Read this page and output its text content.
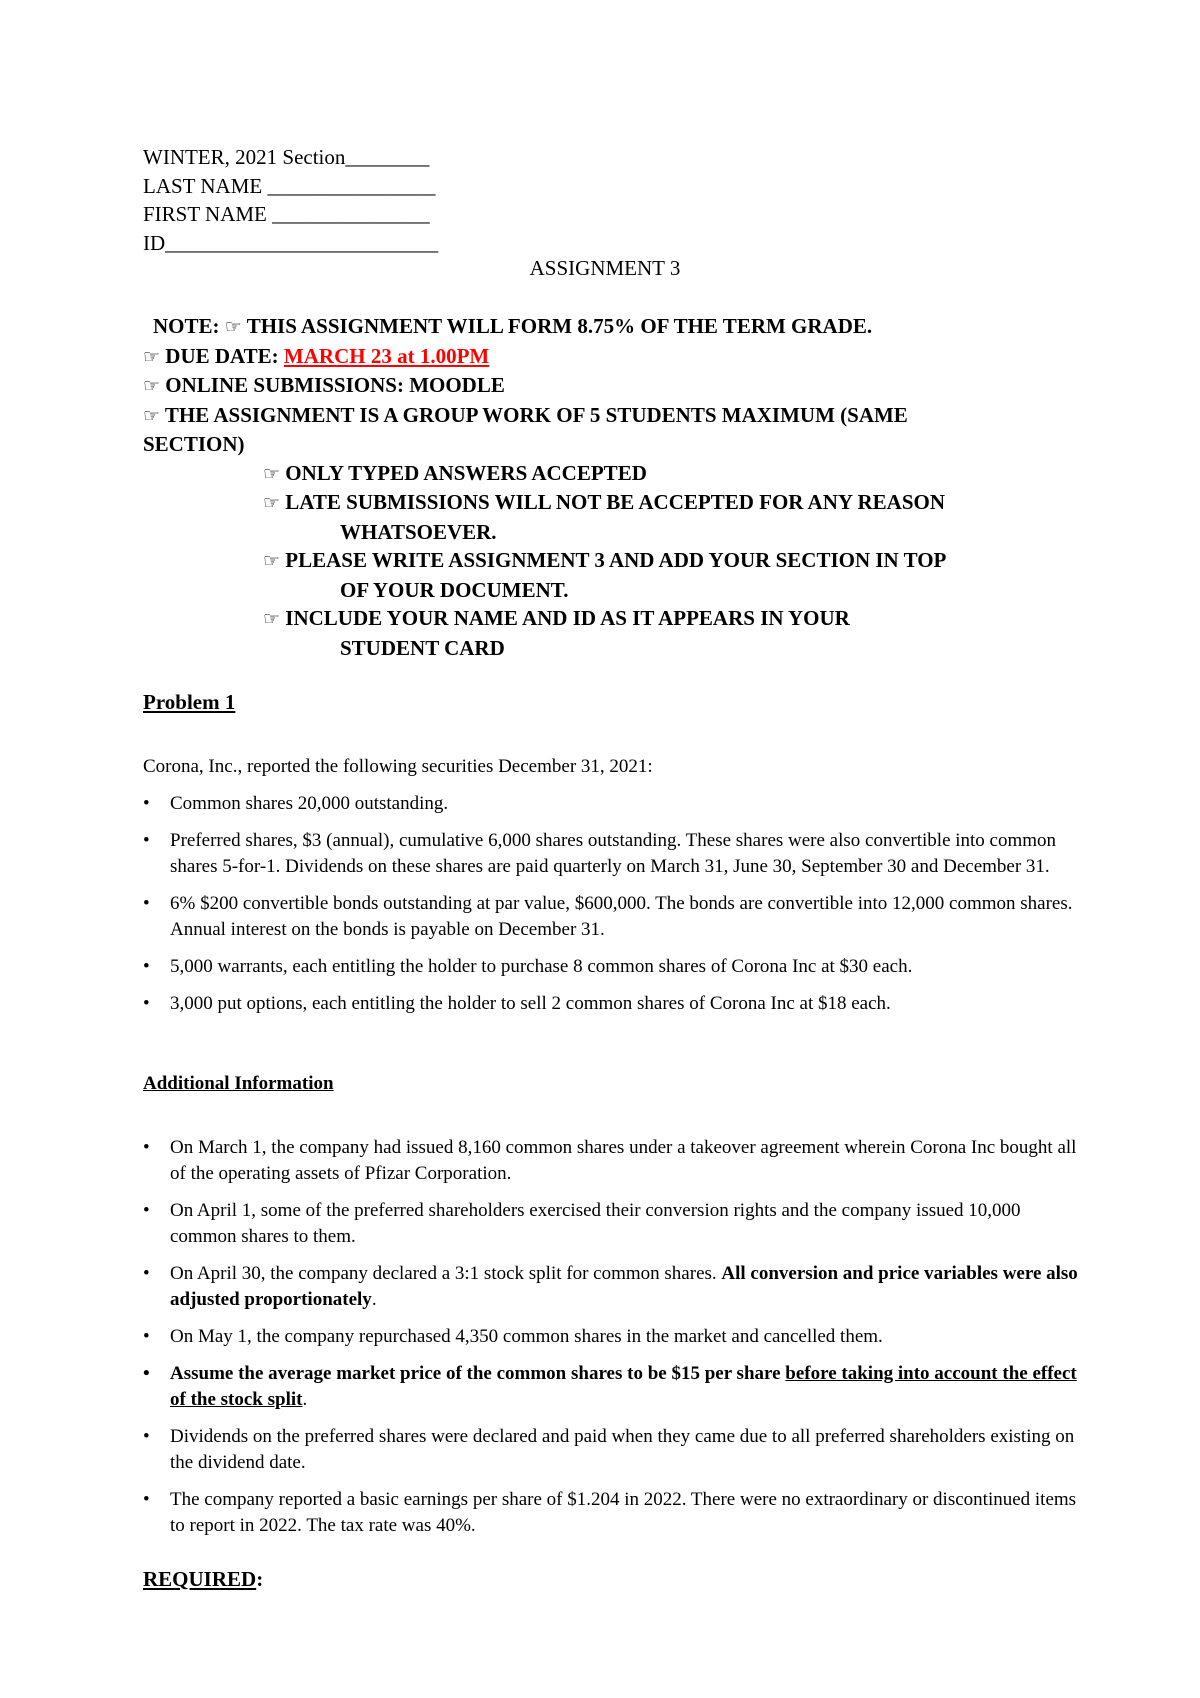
WINTER, 2021 Section________
LAST NAME ________________
FIRST NAME _______________
ID__________________________
ASSIGNMENT 3

NOTE: ☞ THIS ASSIGNMENT WILL FORM 8.75% OF THE TERM GRADE.

☞ DUE DATE: MARCH 23 at 1.00PM

☞ ONLINE SUBMISSIONS: MOODLE

☞ THE ASSIGNMENT IS A GROUP WORK OF 5 STUDENTS MAXIMUM (SAME
SECTION)

☞ ONLY TYPED ANSWERS ACCEPTED

☞ LATE SUBMISSIONS WILL NOT BE ACCEPTED FOR ANY REASON
WHATSOEVER.

☞ PLEASE WRITE ASSIGNMENT 3 AND ADD YOUR SECTION IN TOP
OF YOUR DOCUMENT.

☞ INCLUDE YOUR NAME AND ID AS IT APPEARS IN YOUR
STUDENT CARD

Problem 1
Corona, Inc., reported the following securities December 31, 2021:
• Common shares 20,000 outstanding.
• Preferred shares, $3 (annual), cumulative 6,000 shares outstanding. These shares were also convertible into common shares 5-for-1. Dividends on these shares are paid quarterly on March 31, June 30, September 30 and December 31.
• 6% $200 convertible bonds outstanding at par value, $600,000. The bonds are convertible into 12,000 common shares. Annual interest on the bonds is payable on December 31.
• 5,000 warrants, each entitling the holder to purchase 8 common shares of Corona Inc at $30 each.
• 3,000 put options, each entitling the holder to sell 2 common shares of Corona Inc at $18 each.
Additional Information
• On March 1, the company had issued 8,160 common shares under a takeover agreement wherein Corona Inc bought all of the operating assets of Pfizar Corporation.
• On April 1, some of the preferred shareholders exercised their conversion rights and the company issued 10,000 common shares to them.
• On April 30, the company declared a 3:1 stock split for common shares. All conversion and price variables were also adjusted proportionately.
• On May 1, the company repurchased 4,350 common shares in the market and cancelled them.
• Assume the average market price of the common shares to be $15 per share before taking into account the effect of the stock split.
• Dividends on the preferred shares were declared and paid when they came due to all preferred shareholders existing on the dividend date.
• The company reported a basic earnings per share of $1.204 in 2022. There were no extraordinary or discontinued items to report in 2022. The tax rate was 40%.
REQUIRED:
